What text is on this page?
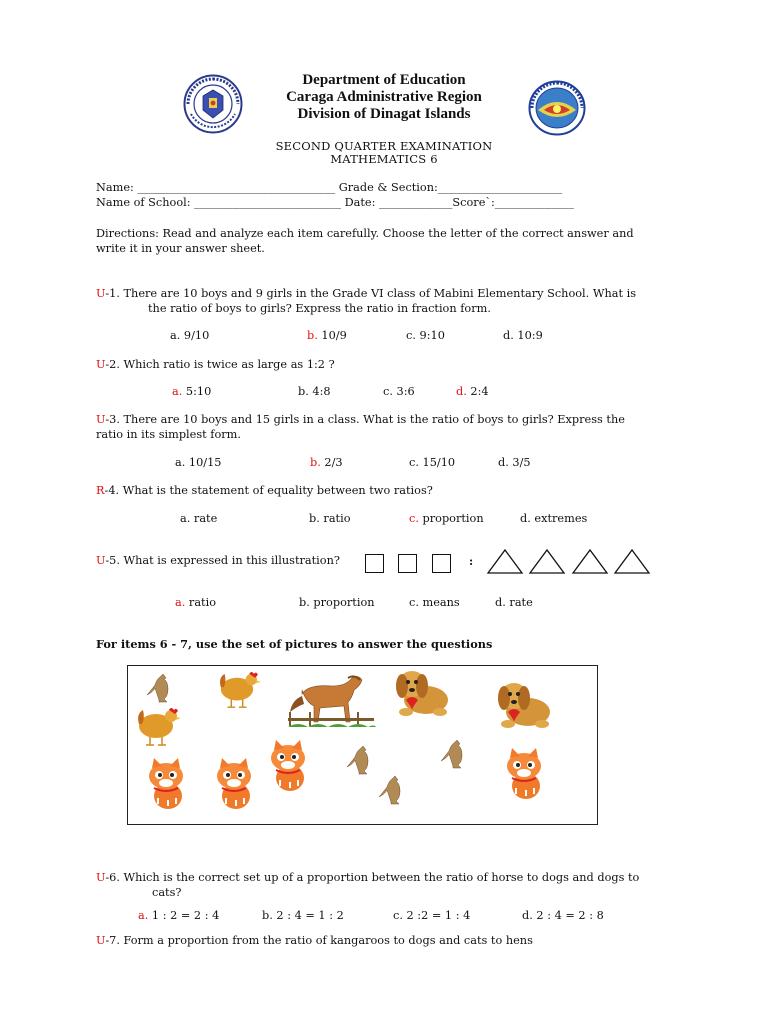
Department of Education
Caraga Administrative Region
Division of Dinagat Islands
SECOND QUARTER EXAMINATION
MATHEMATICS 6
Name: ___________________________________ Grade & Section:______________________
Name of School: __________________________ Date: _____________Score`:______________
Directions: Read and analyze each item carefully. Choose the letter of the correct answer and
write it in your answer sheet.
U-1. There are 10 boys and 9 girls in the Grade VI class of Mabini Elementary School. What is
the ratio of boys to girls? Express the ratio in fraction form.
a. 9/10	b. 10/9	c. 9:10	d. 10:9
U-2. Which ratio is twice as large as 1:2 ?
a. 5:10	b. 4:8	c. 3:6	d. 2:4
U-3. There are 10 boys and 15 girls in a class. What is the ratio of boys to girls? Express the
ratio in its simplest form.
a. 10/15	b. 2/3	c. 15/10	d. 3/5
R-4. What is the statement of equality between two ratios?
a. rate	b. ratio	c. proportion	d. extremes
U-5. What is expressed in this illustration?	:
a. ratio	b. proportion	c. means	d. rate
For items 6 - 7, use the set of pictures to answer the questions
U-6. Which is the correct set up of a proportion between the ratio of horse to dogs and dogs to
cats?
a. 1 : 2 = 2 : 4	b. 2 : 4 = 1 : 2	c. 2 :2 = 1 : 4	d. 2 : 4 = 2 : 8
U-7. Form a proportion from the ratio of kangaroos to dogs and cats to hens
